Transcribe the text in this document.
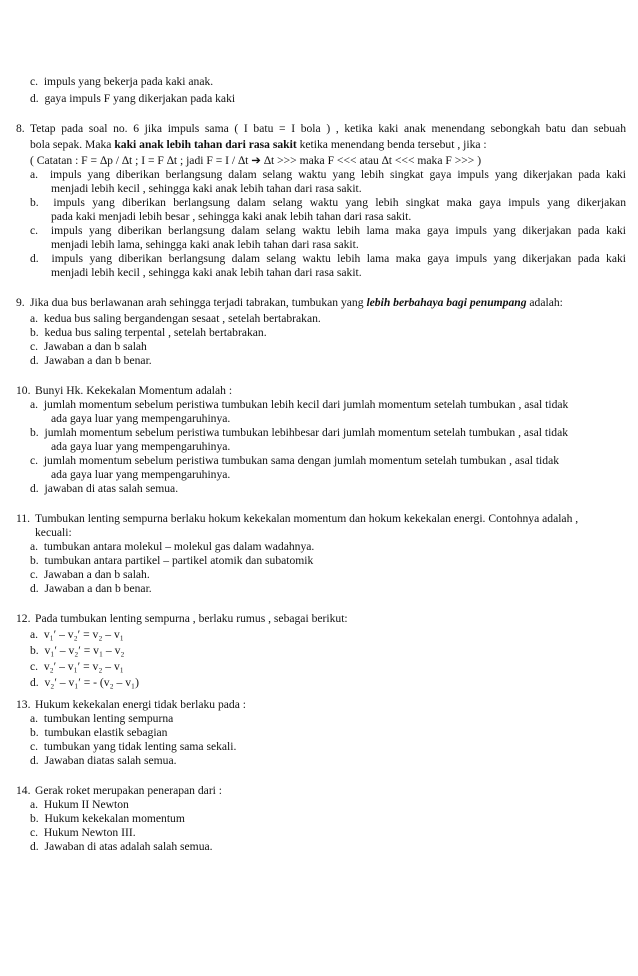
c.  impuls yang bekerja pada kaki anak.
d.  gaya impuls F yang dikerjakan pada kaki
8. Tetap pada soal no. 6 jika impuls sama ( I batu = I bola ) , ketika kaki anak menendang sebongkah batu dan sebuah
bola sepak. Maka kaki anak lebih tahan dari rasa sakit ketika menendang benda tersebut , jika :
( Catatan : F = ∆p / ∆t ; I = F ∆t ; jadi F = I / ∆t ➔ ∆t >>> maka F <<< atau ∆t <<< maka F >>> )
a.  impuls yang diberikan berlangsung dalam selang waktu yang lebih singkat gaya impuls yang dikerjakan pada kaki
menjadi lebih kecil , sehingga kaki anak lebih tahan dari rasa sakit.
b.  impuls yang diberikan berlangsung dalam selang waktu yang lebih singkat maka gaya impuls yang dikerjakan
pada kaki menjadi lebih besar , sehingga kaki anak lebih tahan dari rasa sakit.
c.  impuls yang diberikan berlangsung dalam selang waktu lebih lama maka gaya impuls yang dikerjakan pada kaki
menjadi lebih lama, sehingga kaki anak lebih tahan dari rasa sakit.
d.  impuls yang diberikan berlangsung dalam selang waktu lebih lama maka gaya impuls yang dikerjakan pada kaki
menjadi lebih kecil , sehingga kaki anak lebih tahan dari rasa sakit.
9. Jika dua bus berlawanan arah sehingga terjadi tabrakan, tumbukan yang lebih berbahaya bagi penumpang adalah:
a.  kedua bus saling bergandengan sesaat , setelah bertabrakan.
b.  kedua bus saling terpental , setelah bertabrakan.
c.  Jawaban a dan b salah
d.  Jawaban a dan b benar.
10. Bunyi Hk. Kekekalan Momentum adalah :
a.  jumlah momentum sebelum peristiwa tumbukan lebih kecil dari jumlah momentum setelah tumbukan , asal tidak
ada gaya luar yang mempengaruhinya.
b.  jumlah momentum sebelum peristiwa tumbukan lebihbesar dari jumlah momentum setelah tumbukan , asal tidak
ada gaya luar yang mempengaruhinya.
c.  jumlah momentum sebelum peristiwa tumbukan sama dengan jumlah momentum setelah tumbukan , asal tidak
ada gaya luar yang mempengaruhinya.
d.  jawaban di atas salah semua.
11. Tumbukan lenting sempurna berlaku hokum kekekalan momentum dan hokum kekekalan energi. Contohnya adalah ,
kecuali:
a.  tumbukan antara molekul – molekul gas dalam wadahnya.
b.  tumbukan antara partikel – partikel atomik dan subatomik
c.  Jawaban a dan b salah.
d.  Jawaban a dan b benar.
12. Pada tumbukan lenting sempurna , berlaku rumus , sebagai berikut:
a.  v₁′ – v₂′ = v₂ – v₁
b.  v₁′ – v₂′ = v₁ – v₂
c.  v₂′ – v₁′ = v₂ – v₁
d.  v₂′ – v₁′ = - (v₂ – v₁)
13. Hukum kekekalan energi tidak berlaku pada :
a.  tumbukan lenting sempurna
b.  tumbukan elastik sebagian
c.  tumbukan yang tidak lenting sama sekali.
d.  Jawaban diatas salah semua.
14. Gerak roket merupakan penerapan dari :
a.  Hukum II Newton
b.  Hukum kekekalan momentum
c.  Hukum Newton III.
d.  Jawaban di atas adalah salah semua.
